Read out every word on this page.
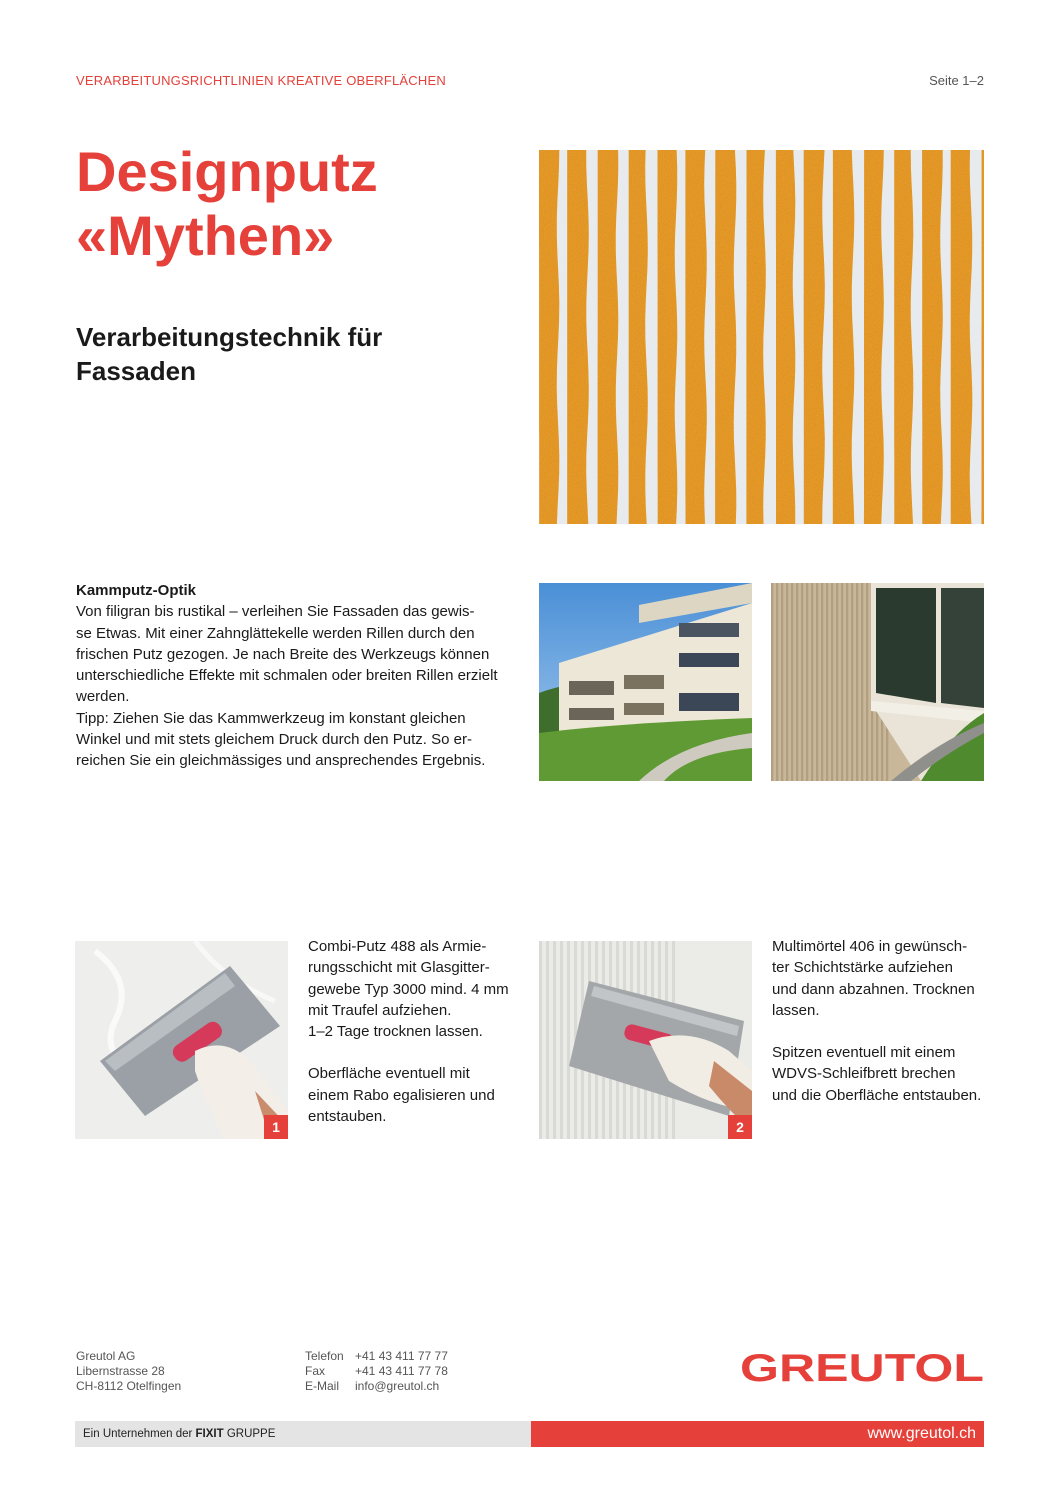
VERARBEITUNGSRICHTLINIEN KREATIVE OBERFLÄCHEN	Seite 1–2
Designputz
«Mythen»
Verarbeitungstechnik für
Fassaden
Kammputz-Optik
Von filigran bis rustikal – verleihen Sie Fassaden das gewis-
se Etwas. Mit einer Zahnglättekelle werden Rillen durch den
frischen Putz gezogen. Je nach Breite des Werkzeugs können
unterschiedliche Effekte mit schmalen oder breiten Rillen erzielt
werden.
Tipp: Ziehen Sie das Kammwerkzeug im konstant gleichen
Winkel und mit stets gleichem Druck durch den Putz. So er-
reichen Sie ein gleichmässiges und ansprechendes Ergebnis.
1
Combi-Putz 488 als Armie-
rungsschicht mit Glasgitter-
gewebe Typ 3000 mind. 4 mm
mit Traufel aufziehen.
1–2 Tage trocknen lassen.
Oberfläche eventuell mit
einem Rabo egalisieren und
entstauben.
2
Multimörtel 406 in gewünsch-
ter Schichtstärke aufziehen
und dann abzahnen. Trocknen
lassen.
Spitzen eventuell mit einem
WDVS-Schleifbrett brechen
und die Oberfläche entstauben.
Greutol AG
Libernstrasse 28
CH-8112 Otelfingen
Telefon +41 43 411 77 77
Fax	+41 43 411 77 78
E-Mail	info@greutol.ch	GREUTOL
Ein Unternehmen der FIXIT GRUPPE	www.greutol.ch
